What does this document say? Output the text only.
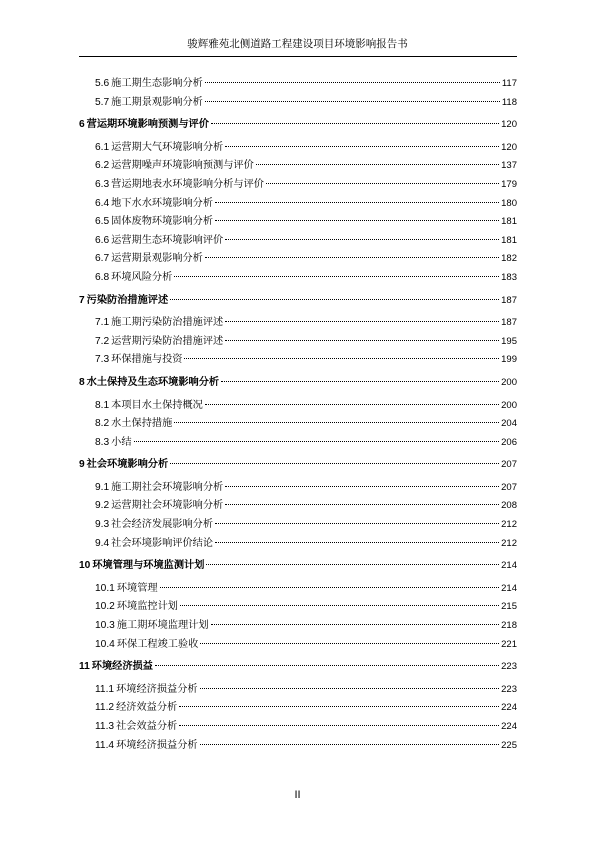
骏辉雅苑北侧道路工程建设项目环境影响报告书
5.6 施工期生态影响分析	117
5.7 施工期景观影响分析	118
6 营运期环境影响预测与评价	120
6.1 运营期大气环境影响分析	120
6.2 运营期噪声环境影响预测与评价	137
6.3 营运期地表水环境影响分析与评价	179
6.4 地下水水环境影响分析	180
6.5 固体废物环境影响分析	181
6.6 运营期生态环境影响评价	181
6.7 运营期景观影响分析	182
6.8 环境风险分析	183
7 污染防治措施评述	187
7.1 施工期污染防治措施评述	187
7.2 运营期污染防治措施评述	195
7.3 环保措施与投资	199
8 水土保持及生态环境影响分析	200
8.1 本项目水土保持概况	200
8.2 水土保持措施	204
8.3 小结	206
9 社会环境影响分析	207
9.1 施工期社会环境影响分析	207
9.2 运营期社会环境影响分析	208
9.3 社会经济发展影响分析	212
9.4 社会环境影响评价结论	212
10 环境管理与环境监测计划	214
10.1 环境管理	214
10.2 环境监控计划	215
10.3 施工期环境监理计划	218
10.4 环保工程竣工验收	221
11 环境经济损益	223
11.1 环境经济损益分析	223
11.2 经济效益分析	224
11.3 社会效益分析	224
11.4 环境经济损益分析	225
II
